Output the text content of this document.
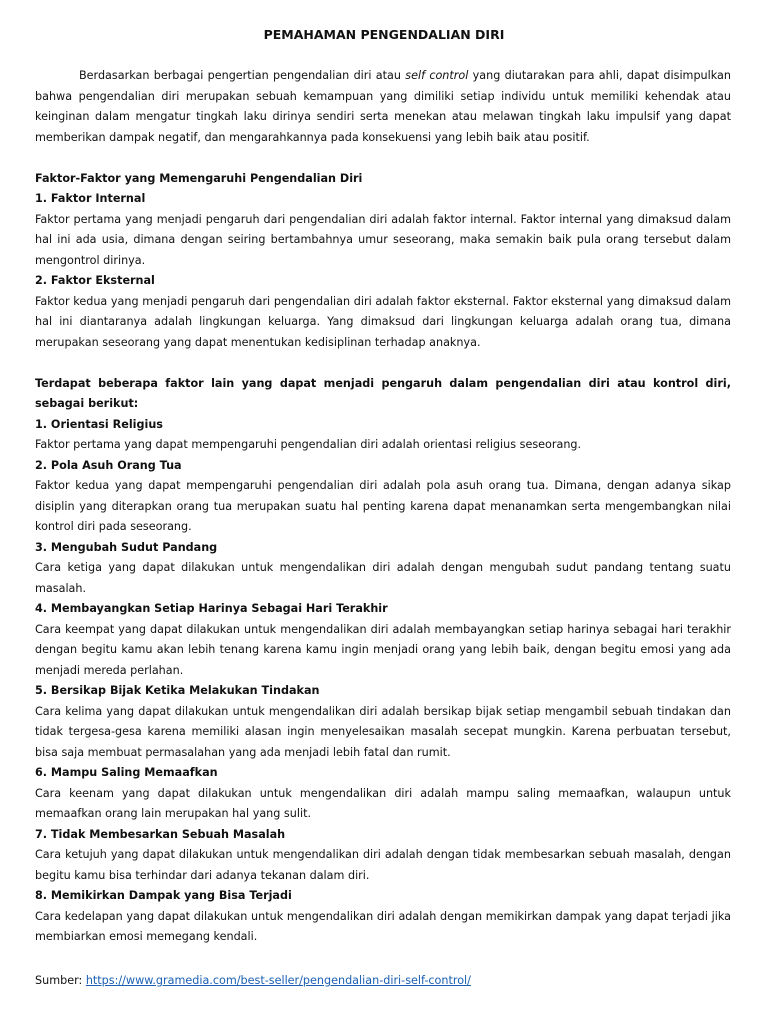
PEMAHAMAN PENGENDALIAN DIRI

Berdasarkan berbagai pengertian pengendalian diri atau self control yang diutarakan para ahli, dapat disimpulkan bahwa pengendalian diri merupakan sebuah kemampuan yang dimiliki setiap individu untuk memiliki kehendak atau keinginan dalam mengatur tingkah laku dirinya sendiri serta menekan atau melawan tingkah laku impulsif yang dapat memberikan dampak negatif, dan mengarahkannya pada konsekuensi yang lebih baik atau positif.

Faktor-Faktor yang Memengaruhi Pengendalian Diri

1. Faktor Internal

Faktor pertama yang menjadi pengaruh dari pengendalian diri adalah faktor internal. Faktor internal yang dimaksud dalam hal ini ada usia, dimana dengan seiring bertambahnya umur seseorang, maka semakin baik pula orang tersebut dalam mengontrol dirinya.

2. Faktor Eksternal

Faktor kedua yang menjadi pengaruh dari pengendalian diri adalah faktor eksternal. Faktor eksternal yang dimaksud dalam hal ini diantaranya adalah lingkungan keluarga. Yang dimaksud dari lingkungan keluarga adalah orang tua, dimana merupakan seseorang yang dapat menentukan kedisiplinan terhadap anaknya.

Terdapat beberapa faktor lain yang dapat menjadi pengaruh dalam pengendalian diri atau kontrol diri, sebagai berikut:

1. Orientasi Religius

Faktor pertama yang dapat mempengaruhi pengendalian diri adalah orientasi religius seseorang.

2. Pola Asuh Orang Tua

Faktor kedua yang dapat mempengaruhi pengendalian diri adalah pola asuh orang tua. Dimana, dengan adanya sikap disiplin yang diterapkan orang tua merupakan suatu hal penting karena dapat menanamkan serta mengembangkan nilai kontrol diri pada seseorang.

3. Mengubah Sudut Pandang

Cara ketiga yang dapat dilakukan untuk mengendalikan diri adalah dengan mengubah sudut pandang tentang suatu masalah.

4. Membayangkan Setiap Harinya Sebagai Hari Terakhir

Cara keempat yang dapat dilakukan untuk mengendalikan diri adalah membayangkan setiap harinya sebagai hari terakhir dengan begitu kamu akan lebih tenang karena kamu ingin menjadi orang yang lebih baik, dengan begitu emosi yang ada menjadi mereda perlahan.

5. Bersikap Bijak Ketika Melakukan Tindakan

Cara kelima yang dapat dilakukan untuk mengendalikan diri adalah bersikap bijak setiap mengambil sebuah tindakan dan tidak tergesa-gesa karena memiliki alasan ingin menyelesaikan masalah secepat mungkin. Karena perbuatan tersebut, bisa saja membuat permasalahan yang ada menjadi lebih fatal dan rumit.

6. Mampu Saling Memaafkan

Cara keenam yang dapat dilakukan untuk mengendalikan diri adalah mampu saling memaafkan, walaupun untuk memaafkan orang lain merupakan hal yang sulit.

7. Tidak Membesarkan Sebuah Masalah

Cara ketujuh yang dapat dilakukan untuk mengendalikan diri adalah dengan tidak membesarkan sebuah masalah, dengan begitu kamu bisa terhindar dari adanya tekanan dalam diri.

8. Memikirkan Dampak yang Bisa Terjadi

Cara kedelapan yang dapat dilakukan untuk mengendalikan diri adalah dengan memikirkan dampak yang dapat terjadi jika membiarkan emosi memegang kendali.

Sumber: https://www.gramedia.com/best-seller/pengendalian-diri-self-control/
